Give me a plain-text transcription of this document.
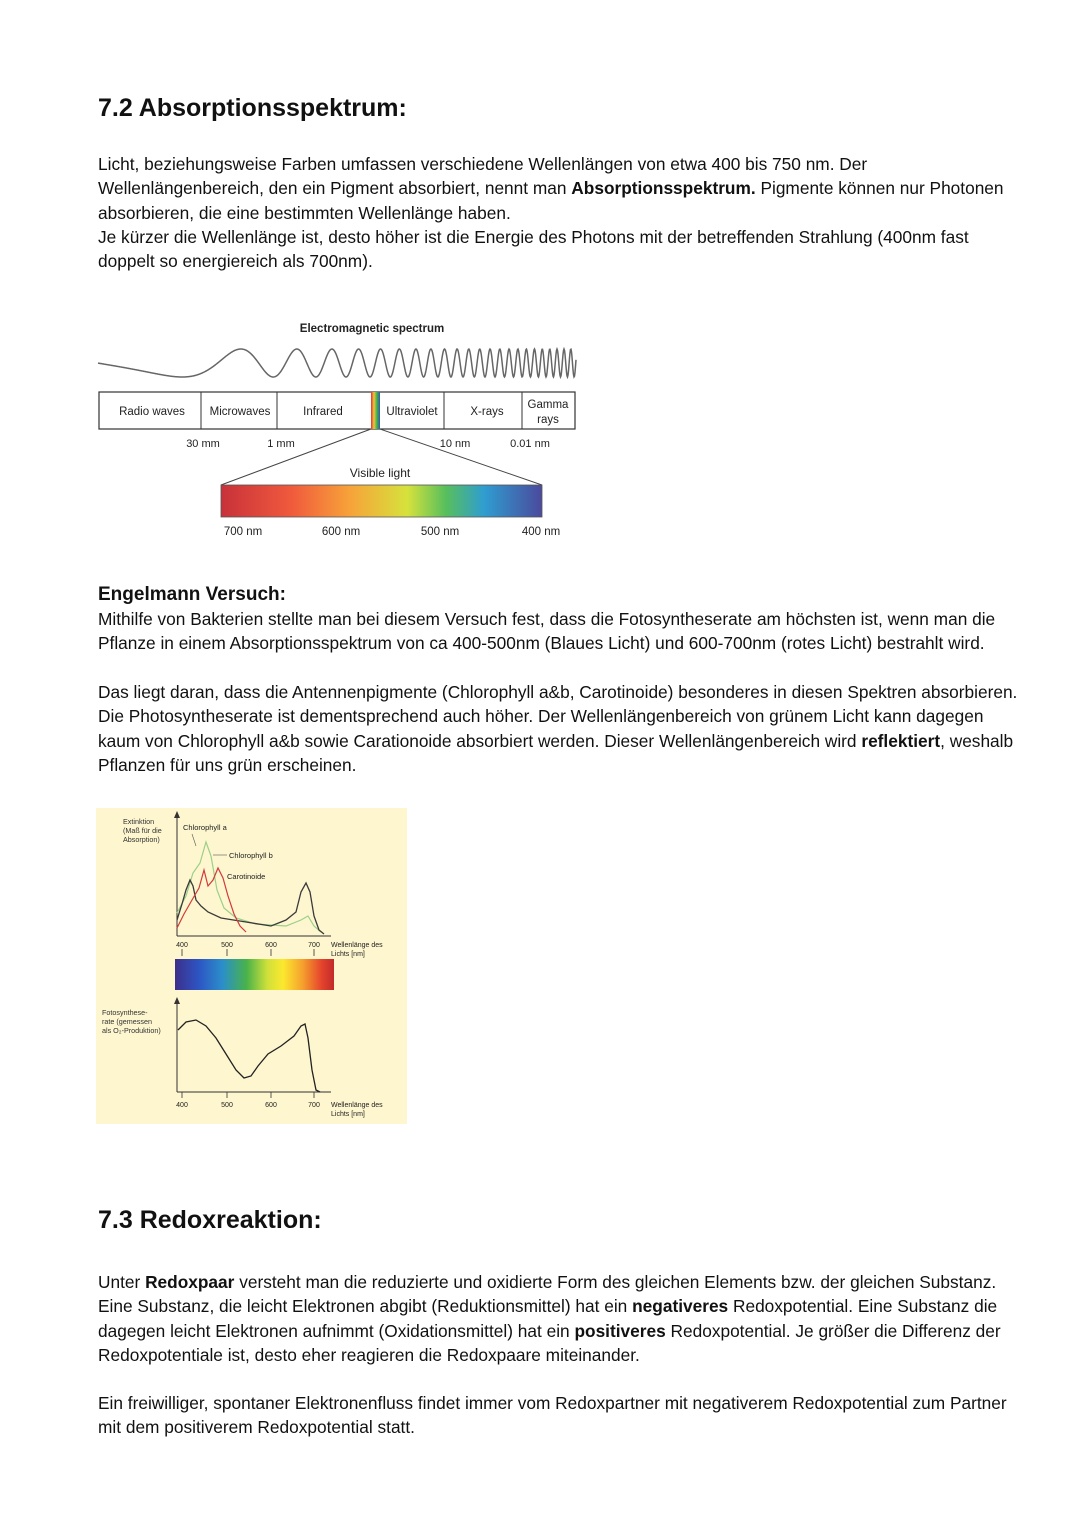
7.2 Absorptionsspektrum:

Licht, beziehungsweise Farben umfassen verschiedene Wellenlängen von etwa 400 bis 750 nm. Der Wellenlängenbereich, den ein Pigment absorbiert, nennt man Absorptionsspektrum. Pigmente können nur Photonen absorbieren, die eine bestimmten Wellenlänge haben.

Je kürzer die Wellenlänge ist, desto höher ist die Energie des Photons mit der betreffenden Strahlung (400nm fast doppelt so energiereich als 700nm).

Electromagnetic spectrum
Radio waves Microwaves	Infrared	Ultraviolet	X-rays
Gamma
rays
30 mm	1 mm	10 nm	0.01 nm
Visible light
700 nm	600 nm	500 nm	400 nm
Engelmann Versuch:

Mithilfe von Bakterien stellte man bei diesem Versuch fest, dass die Fotosyntheserate am höchsten ist, wenn man die Pflanze in einem Absorptionsspektrum von ca 400-500nm (Blaues Licht) und 600-700nm (rotes Licht) bestrahlt wird.

Das liegt daran, dass die Antennenpigmente (Chlorophyll a&b, Carotinoide) besonderes in diesen Spektren absorbieren. Die Photosyntheserate ist dementsprechend auch höher. Der Wellenlängenbereich von grünem Licht kann dagegen kaum von Chlorophyll a&b sowie Carationoide absorbiert werden. Dieser Wellenlängenbereich wird reflektiert, weshalb Pflanzen für uns grün erscheinen.

Extinktion
(Maß für die
Absorption)
Chlorophyll a
Chlorophyll b
Carotinoide
400	500	600	700 Wellenlänge des
Lichts [nm]
Fotosynthese-
rate (gemessen
als O₂-Produktion)
400	500	600	700 Wellenlänge des
Lichts [nm]
7.3 Redoxreaktion:

Unter Redoxpaar versteht man die reduzierte und oxidierte Form des gleichen Elements bzw. der gleichen Substanz. Eine Substanz, die leicht Elektronen abgibt (Reduktionsmittel) hat ein negativeres Redoxpotential. Eine Substanz die dagegen leicht Elektronen aufnimmt (Oxidationsmittel) hat ein positiveres Redoxpotential. Je größer die Differenz der Redoxpotentiale ist, desto eher reagieren die Redoxpaare miteinander.

Ein freiwilliger, spontaner Elektronenfluss findet immer vom Redoxpartner mit negativerem Redoxpotential zum Partner mit dem positiverem Redoxpotential statt.
